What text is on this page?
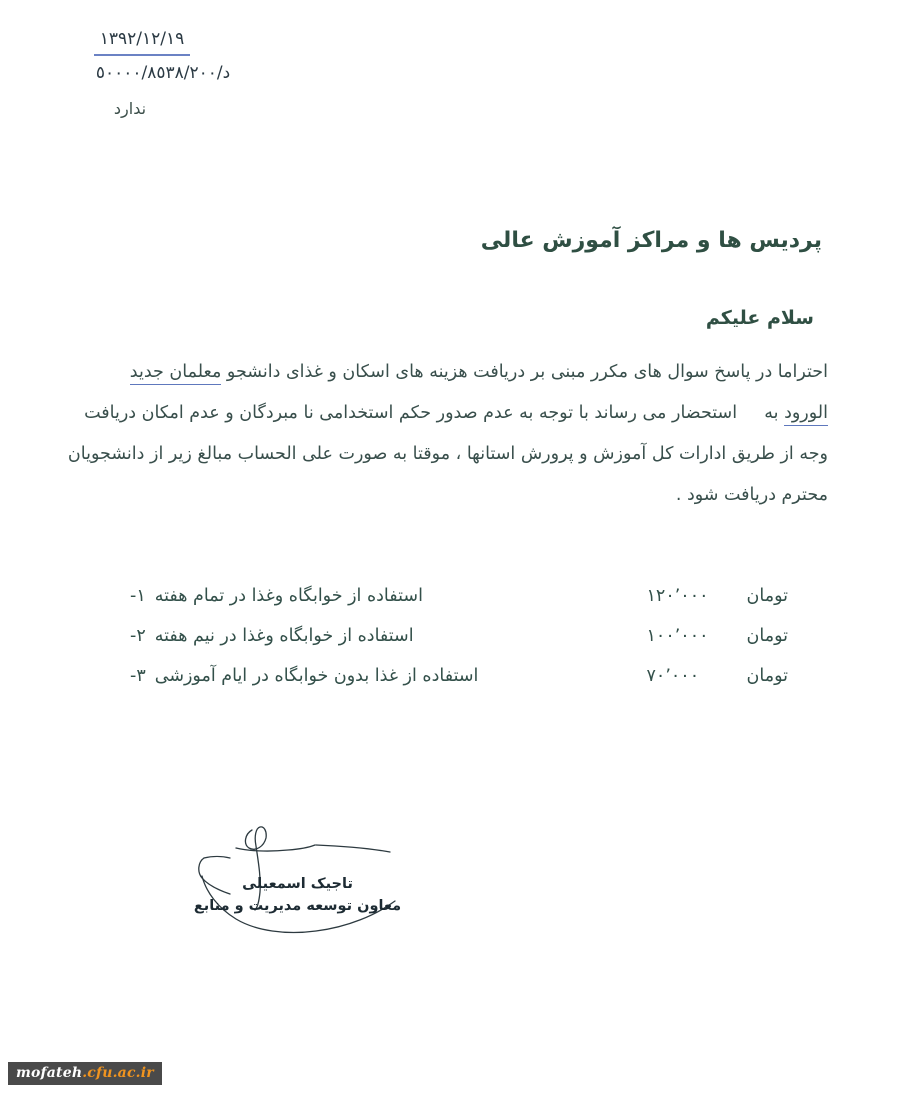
١٣٩٢/١٢/١٩
د/٥٠٠٠٠/٨٥٣٨/٢٠٠
ندارد
پردیس ها و مراکز آموزش عالی
سلام علیکم
احتراما در پاسخ سوال های مکرر مبنی بر دریافت هزینه های اسکان و غذای دانشجو معلمان جدید
الورود به  استحضار می رساند با توجه به عدم صدور حکم استخدامی نا مبردگان و عدم امکان دریافت
وجه از طریق ادارات کل آموزش و پرورش استانها ، موقتا به صورت علی الحساب مبالغ زیر از دانشجویان
محترم دریافت شود .
تومان
١٢٠٬٠٠٠
استفاده از خوابگاه وغذا در تمام هفته
١-
تومان
١٠٠٬٠٠٠
استفاده از خوابگاه وغذا در نیم هفته
٢-
تومان
٧٠٬٠٠٠
استفاده از غذا بدون خوابگاه در ایام آموزشی
٣-
تاجیک اسمعیلی
معاون توسعه مدیریت و منابع
mofateh.cfu.ac.ir
